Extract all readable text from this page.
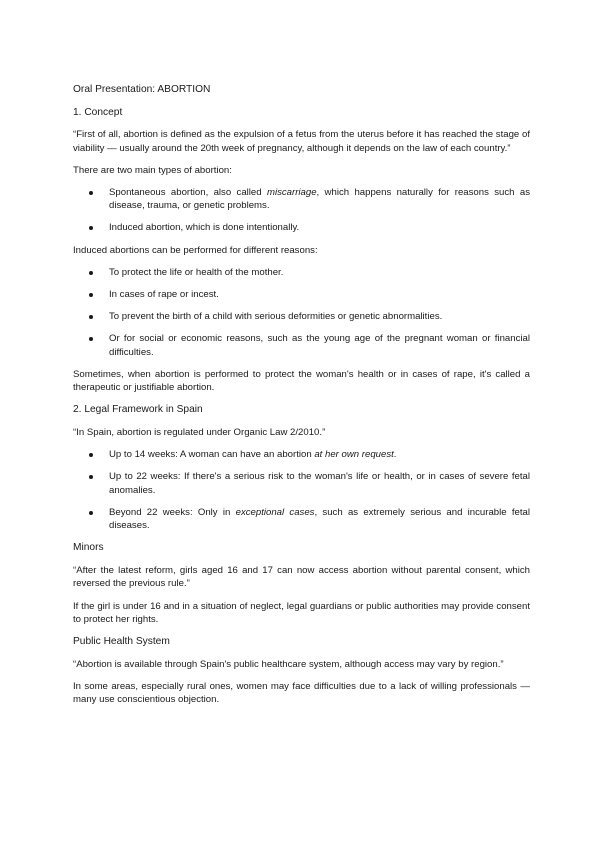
Oral Presentation: ABORTION

1. Concept

“First of all, abortion is defined as the expulsion of a fetus from the uterus before it has reached the stage of viability — usually around the 20th week of pregnancy, although it depends on the law of each country.”

There are two main types of abortion:

Spontaneous abortion, also called miscarriage, which happens naturally for reasons such as disease, trauma, or genetic problems.
Induced abortion, which is done intentionally.

Induced abortions can be performed for different reasons:

To protect the life or health of the mother.
In cases of rape or incest.
To prevent the birth of a child with serious deformities or genetic abnormalities.
Or for social or economic reasons, such as the young age of the pregnant woman or financial difficulties.

Sometimes, when abortion is performed to protect the woman's health or in cases of rape, it's called a therapeutic or justifiable abortion.

2. Legal Framework in Spain

“In Spain, abortion is regulated under Organic Law 2/2010.”

Up to 14 weeks: A woman can have an abortion at her own request.
Up to 22 weeks: If there's a serious risk to the woman's life or health, or in cases of severe fetal anomalies.
Beyond 22 weeks: Only in exceptional cases, such as extremely serious and incurable fetal diseases.

Minors

“After the latest reform, girls aged 16 and 17 can now access abortion without parental consent, which reversed the previous rule.”

If the girl is under 16 and in a situation of neglect, legal guardians or public authorities may provide consent to protect her rights.

Public Health System

“Abortion is available through Spain's public healthcare system, although access may vary by region.”

In some areas, especially rural ones, women may face difficulties due to a lack of willing professionals — many use conscientious objection.
